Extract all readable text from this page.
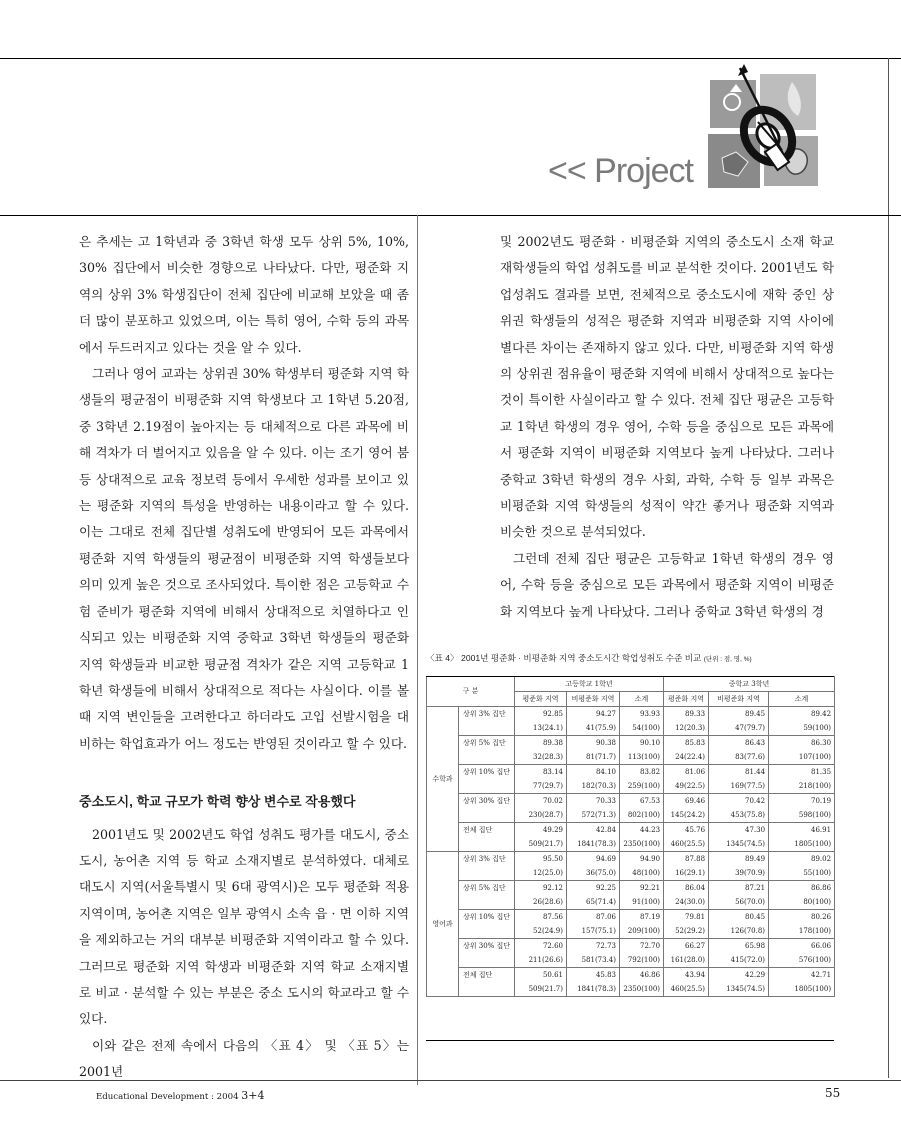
<< Project

은 추세는 고 1학년과 중 3학년 학생 모두 상위 5%, 10%, 30% 집단에서 비슷한 경향으로 나타났다. 다만, 평준화 지역의 상위 3% 학생집단이 전체 집단에 비교해 보았을 때 좀 더 많이 분포하고 있었으며, 이는 특히 영어, 수학 등의 과목에서 두드러지고 있다는 것을 알 수 있다.

그러나 영어 교과는 상위권 30% 학생부터 평준화 지역 학생들의 평균점이 비평준화 지역 학생보다 고 1학년 5.20점, 중 3학년 2.19점이 높아지는 등 대체적으로 다른 과목에 비해 격차가 더 벌어지고 있음을 알 수 있다. 이는 조기 영어 붐 등 상대적으로 교육 정보력 등에서 우세한 성과를 보이고 있는 평준화 지역의 특성을 반영하는 내용이라고 할 수 있다. 이는 그대로 전체 집단별 성취도에 반영되어 모든 과목에서 평준화 지역 학생들의 평균점이 비평준화 지역 학생들보다 의미 있게 높은 것으로 조사되었다. 특이한 점은 고등학교 수험 준비가 평준화 지역에 비해서 상대적으로 치열하다고 인식되고 있는 비평준화 지역 중학교 3학년 학생들의 평준화 지역 학생들과 비교한 평균점 격차가 같은 지역 고등학교 1학년 학생들에 비해서 상대적으로 적다는 사실이다. 이를 볼 때 지역 변인들을 고려한다고 하더라도 고입 선발시험을 대비하는 학업효과가 어느 정도는 반영된 것이라고 할 수 있다.

중소도시, 학교 규모가 학력 향상 변수로 작용했다

2001년도 및 2002년도 학업 성취도 평가를 대도시, 중소도시, 농어촌 지역 등 학교 소재지별로 분석하였다. 대체로 대도시 지역(서울특별시 및 6대 광역시)은 모두 평준화 적용지역이며, 농어촌 지역은 일부 광역시 소속 읍 · 면 이하 지역을 제외하고는 거의 대부분 비평준화 지역이라고 할 수 있다. 그러므로 평준화 지역 학생과 비평준화 지역 학교 소재지별로 비교 · 분석할 수 있는 부분은 중소 도시의 학교라고 할 수 있다.

이와 같은 전제 속에서 다음의 〈표 4〉 및 〈표 5〉는 2001년

및 2002년도 평준화 · 비평준화 지역의 중소도시 소재 학교 재학생들의 학업 성취도를 비교 분석한 것이다. 2001년도 학업성취도 결과를 보면, 전체적으로 중소도시에 재학 중인 상위권 학생들의 성적은 평준화 지역과 비평준화 지역 사이에 별다른 차이는 존재하지 않고 있다. 다만, 비평준화 지역 학생의 상위권 점유율이 평준화 지역에 비해서 상대적으로 높다는 것이 특이한 사실이라고 할 수 있다. 전체 집단 평균은 고등학교 1학년 학생의 경우 영어, 수학 등을 중심으로 모든 과목에서 평준화 지역이 비평준화 지역보다 높게 나타났다. 그러나 중학교 3학년 학생의 경우 사회, 과학, 수학 등 일부 과목은 비평준화 지역 학생들의 성적이 약간 좋거나 평준화 지역과 비슷한 것으로 분석되었다.

그런데 전체 집단 평균은 고등학교 1학년 학생의 경우 영어, 수학 등을 중심으로 모든 과목에서 평준화 지역이 비평준화 지역보다 높게 나타났다. 그러나 중학교 3학년 학생의 경

〈표 4〉 2001년 평준화 · 비평준화 지역 중소도시간 학업성취도 수준 비교 (단위 : 점, 명, %)
구 분		고등학교 1학년			중학교 3학년		
		평준화 지역	비평준화 지역	소계	평준화 지역	비평준화 지역	소계
수학과	상위 3% 집단	92.85	94.27	93.93	89.33	89.45	89.42
		13(24.1)	41(75.9)	54(100)	12(20.3)	47(79.7)	59(100)
	상위 5% 집단	89.38	90.38	90.10	85.83	86.43	86.30
		32(28.3)	81(71.7)	113(100)	24(22.4)	83(77.6)	107(100)
	상위 10% 집단	83.14	84.10	83.82	81.06	81.44	81.35
		77(29.7)	182(70.3)	259(100)	49(22.5)	169(77.5)	218(100)
	상위 30% 집단	70.02	70.33	67.53	69.46	70.42	70.19
		230(28.7)	572(71.3)	802(100)	145(24.2)	453(75.8)	598(100)
	전체 집단	49.29	42.84	44.23	45.76	47.30	46.91
		509(21.7)	1841(78.3)	2350(100)	460(25.5)	1345(74.5)	1805(100)
영어과	상위 3% 집단	95.50	94.69	94.90	87.88	89.49	89.02
		12(25.0)	36(75.0)	48(100)	16(29.1)	39(70.9)	55(100)
	상위 5% 집단	92.12	92.25	92.21	86.04	87.21	86.86
		26(28.6)	65(71.4)	91(100)	24(30.0)	56(70.0)	80(100)
	상위 10% 집단	87.56	87.06	87.19	79.81	80.45	80.26
		52(24.9)	157(75.1)	209(100)	52(29.2)	126(70.8)	178(100)
	상위 30% 집단	72.60	72.73	72.70	66.27	65.98	66.06
		211(26.6)	581(73.4)	792(100)	161(28.0)	415(72.0)	576(100)
	전체 집단	50.61	45.83	46.86	43.94	42.29	42.71
		509(21.7)	1841(78.3)	2350(100)	460(25.5)	1345(74.5)	1805(100)
Educational Development : 2004 3+4	55
